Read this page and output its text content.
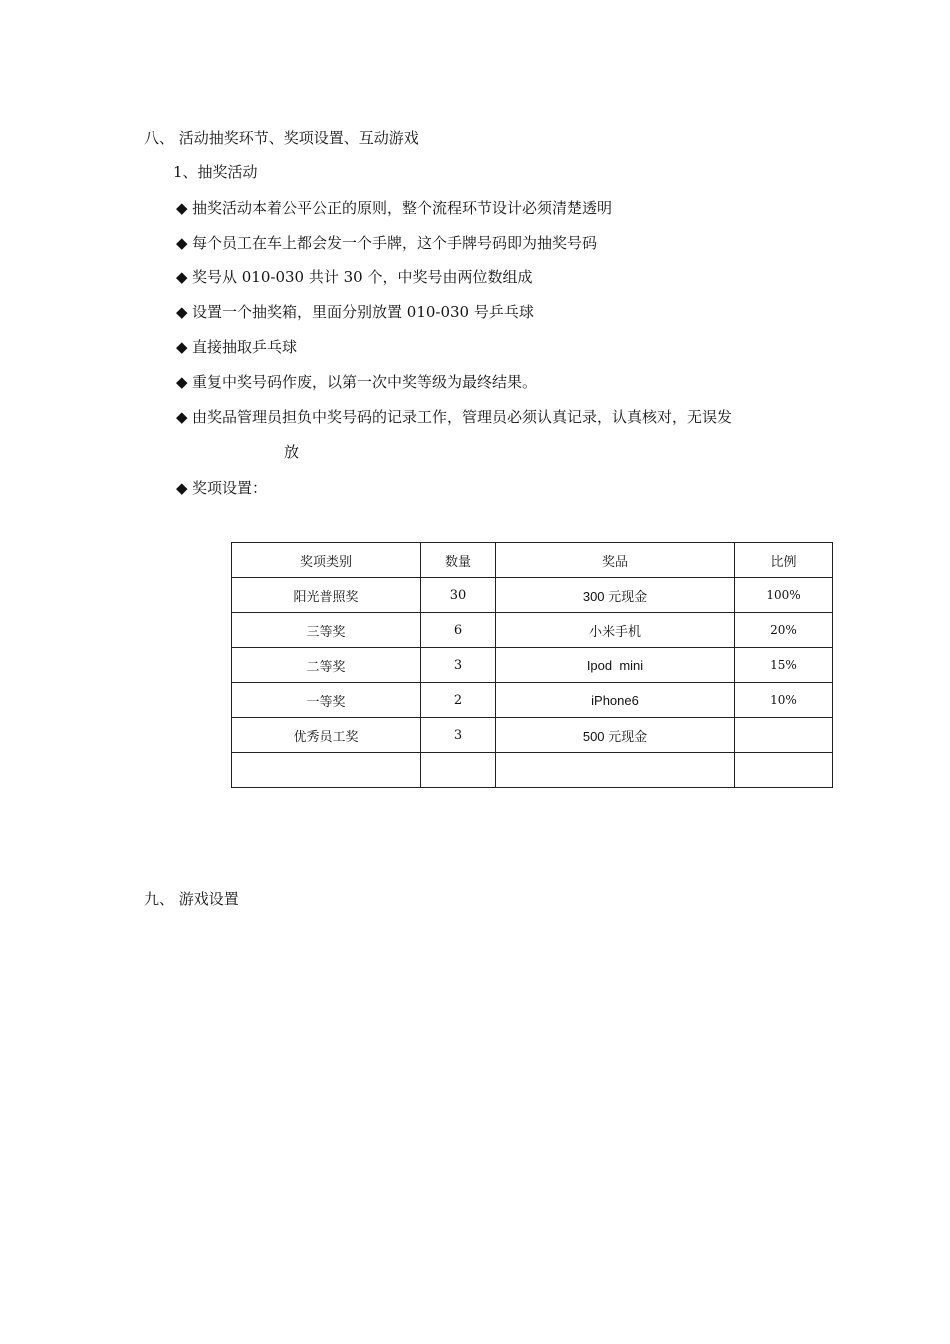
八、 活动抽奖环节、奖项设置、互动游戏
1、抽奖活动
◆ 抽奖活动本着公平公正的原则，整个流程环节设计必须清楚透明
◆ 每个员工在车上都会发一个手牌，这个手牌号码即为抽奖号码
◆ 奖号从 010-030 共计 30 个，中奖号由两位数组成
◆ 设置一个抽奖箱，里面分别放置 010-030 号乒乓球
◆ 直接抽取乒乓球
◆ 重复中奖号码作废，以第一次中奖等级为最终结果。
◆ 由奖品管理员担负中奖号码的记录工作，管理员必须认真记录，认真核对，无误发
放
◆ 奖项设置：
奖项类别	数量	奖品	比例
阳光普照奖	30	300 元现金	100%
三等奖	6	小米手机	20%
二等奖	3	Ipod  mini	15%
一等奖	2	iPhone6	10%
优秀员工奖	3	500 元现金	

九、 游戏设置
